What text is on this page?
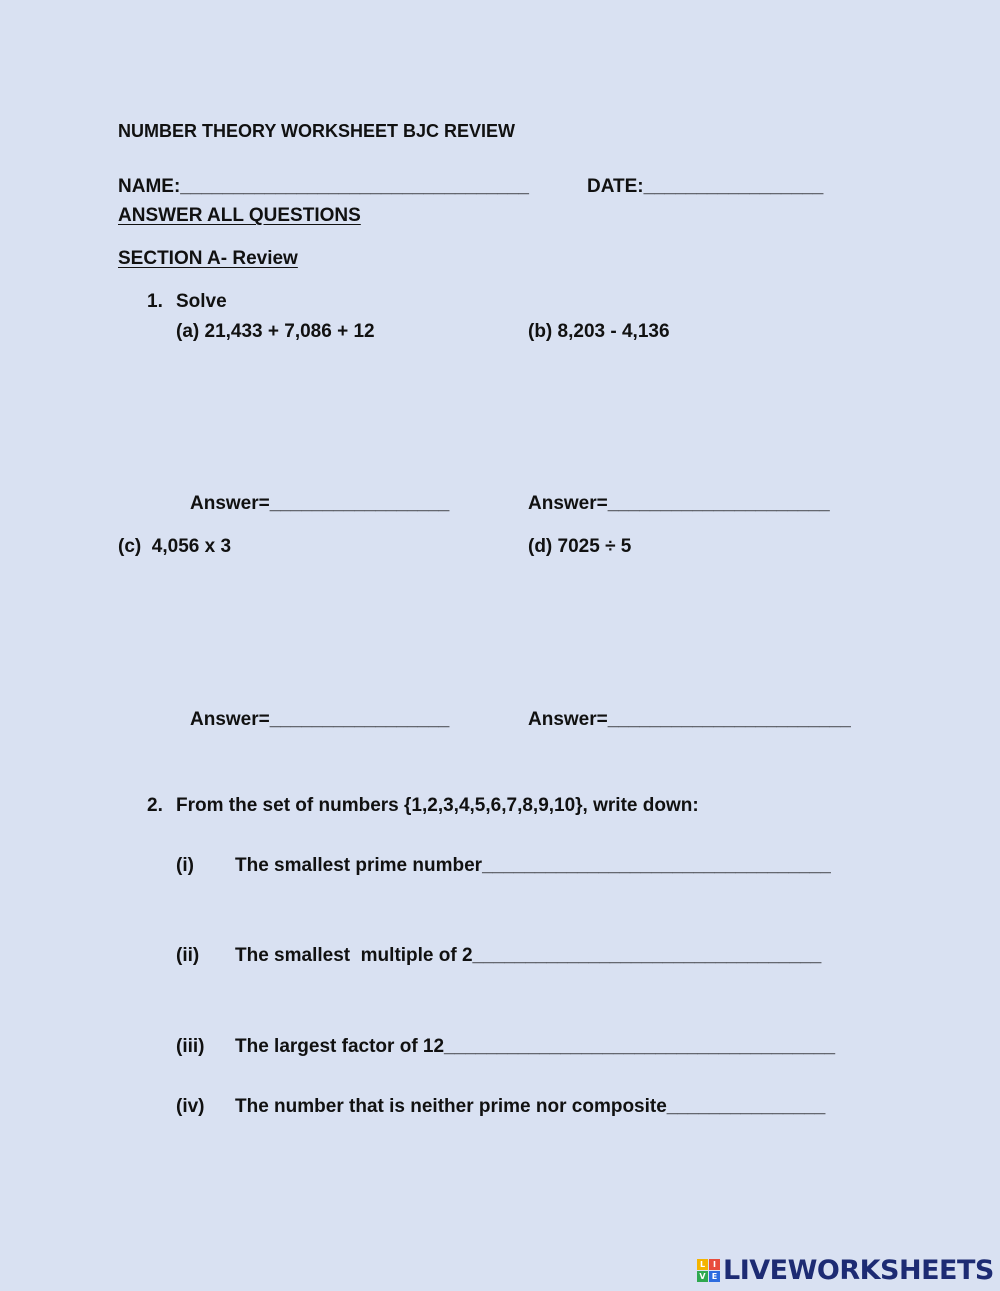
NUMBER THEORY WORKSHEET BJC REVIEW
NAME:_________________________________	DATE:_________________
ANSWER ALL QUESTIONS
SECTION A- Review
1. Solve
(a) 21,433 + 7,086 + 12	(b) 8,203 - 4,136
Answer=_________________	Answer=_____________________
(c)  4,056 x 3	(d) 7025 ÷ 5
Answer=_________________	Answer=_______________________
2. From the set of numbers {1,2,3,4,5,6,7,8,9,10}, write down:
(i) The smallest prime number_________________________________
(ii) The smallest  multiple of 2_________________________________
(iii) The largest factor of 12_____________________________________
(iv) The number that is neither prime nor composite_______________
L I
V E LIVEWORKSHEETS
